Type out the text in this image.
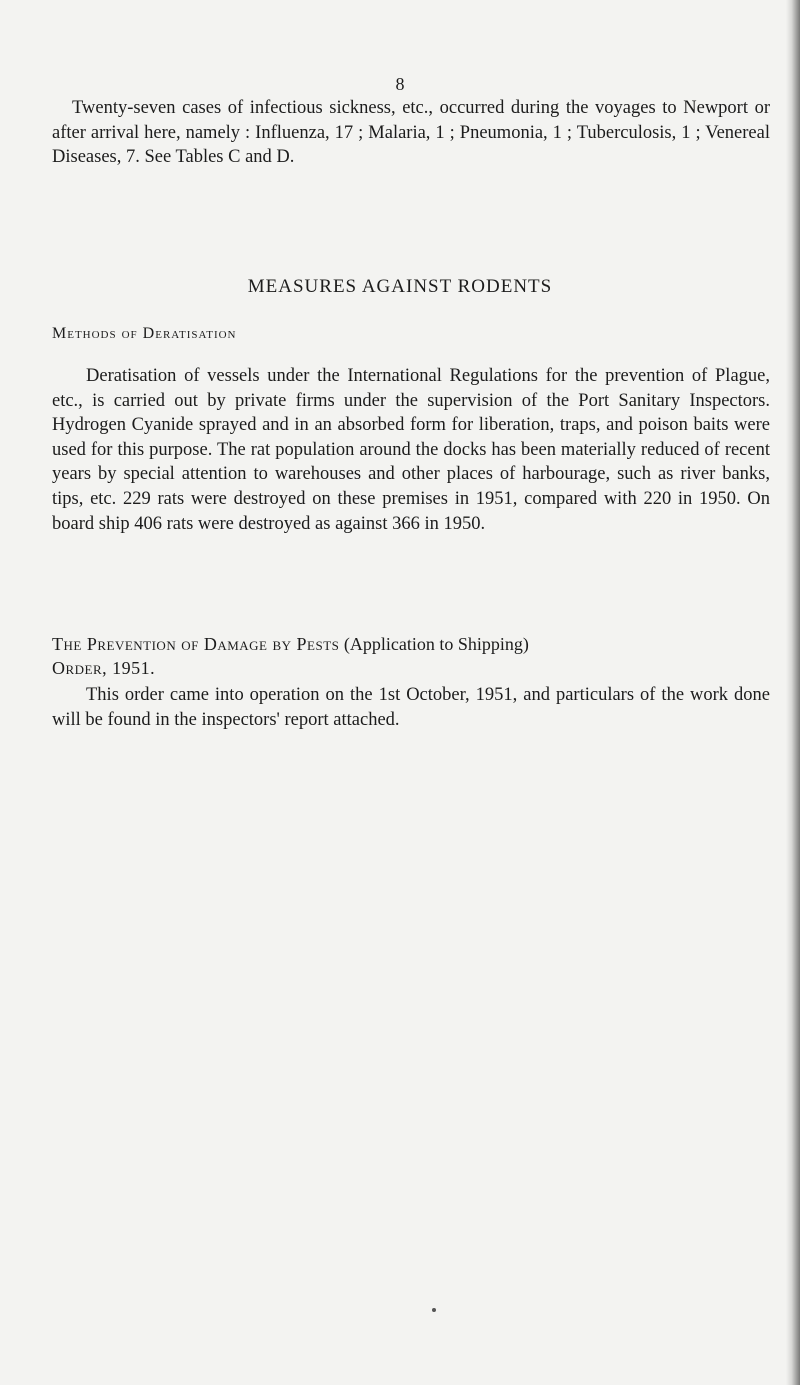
8

Twenty-seven cases of infectious sickness, etc., occurred during the voyages to Newport or after arrival here, namely : Influenza, 17 ; Malaria, 1 ; Pneumonia, 1 ; Tuberculosis, 1 ; Venereal Diseases, 7. See Tables C and D.

MEASURES AGAINST RODENTS
Methods of Deratisation

Deratisation of vessels under the International Regulations for the prevention of Plague, etc., is carried out by private firms under the supervision of the Port Sanitary Inspectors. Hydrogen Cyanide sprayed and in an absorbed form for liberation, traps, and poison baits were used for this purpose. The rat population around the docks has been materially reduced of recent years by special attention to warehouses and other places of harbourage, such as river banks, tips, etc. 229 rats were destroyed on these premises in 1951, compared with 220 in 1950. On board ship 406 rats were destroyed as against 366 in 1950.

The Prevention of Damage by Pests (Application to Shipping)
Order, 1951.

This order came into operation on the 1st October, 1951, and particulars of the work done will be found in the inspectors' report attached.
